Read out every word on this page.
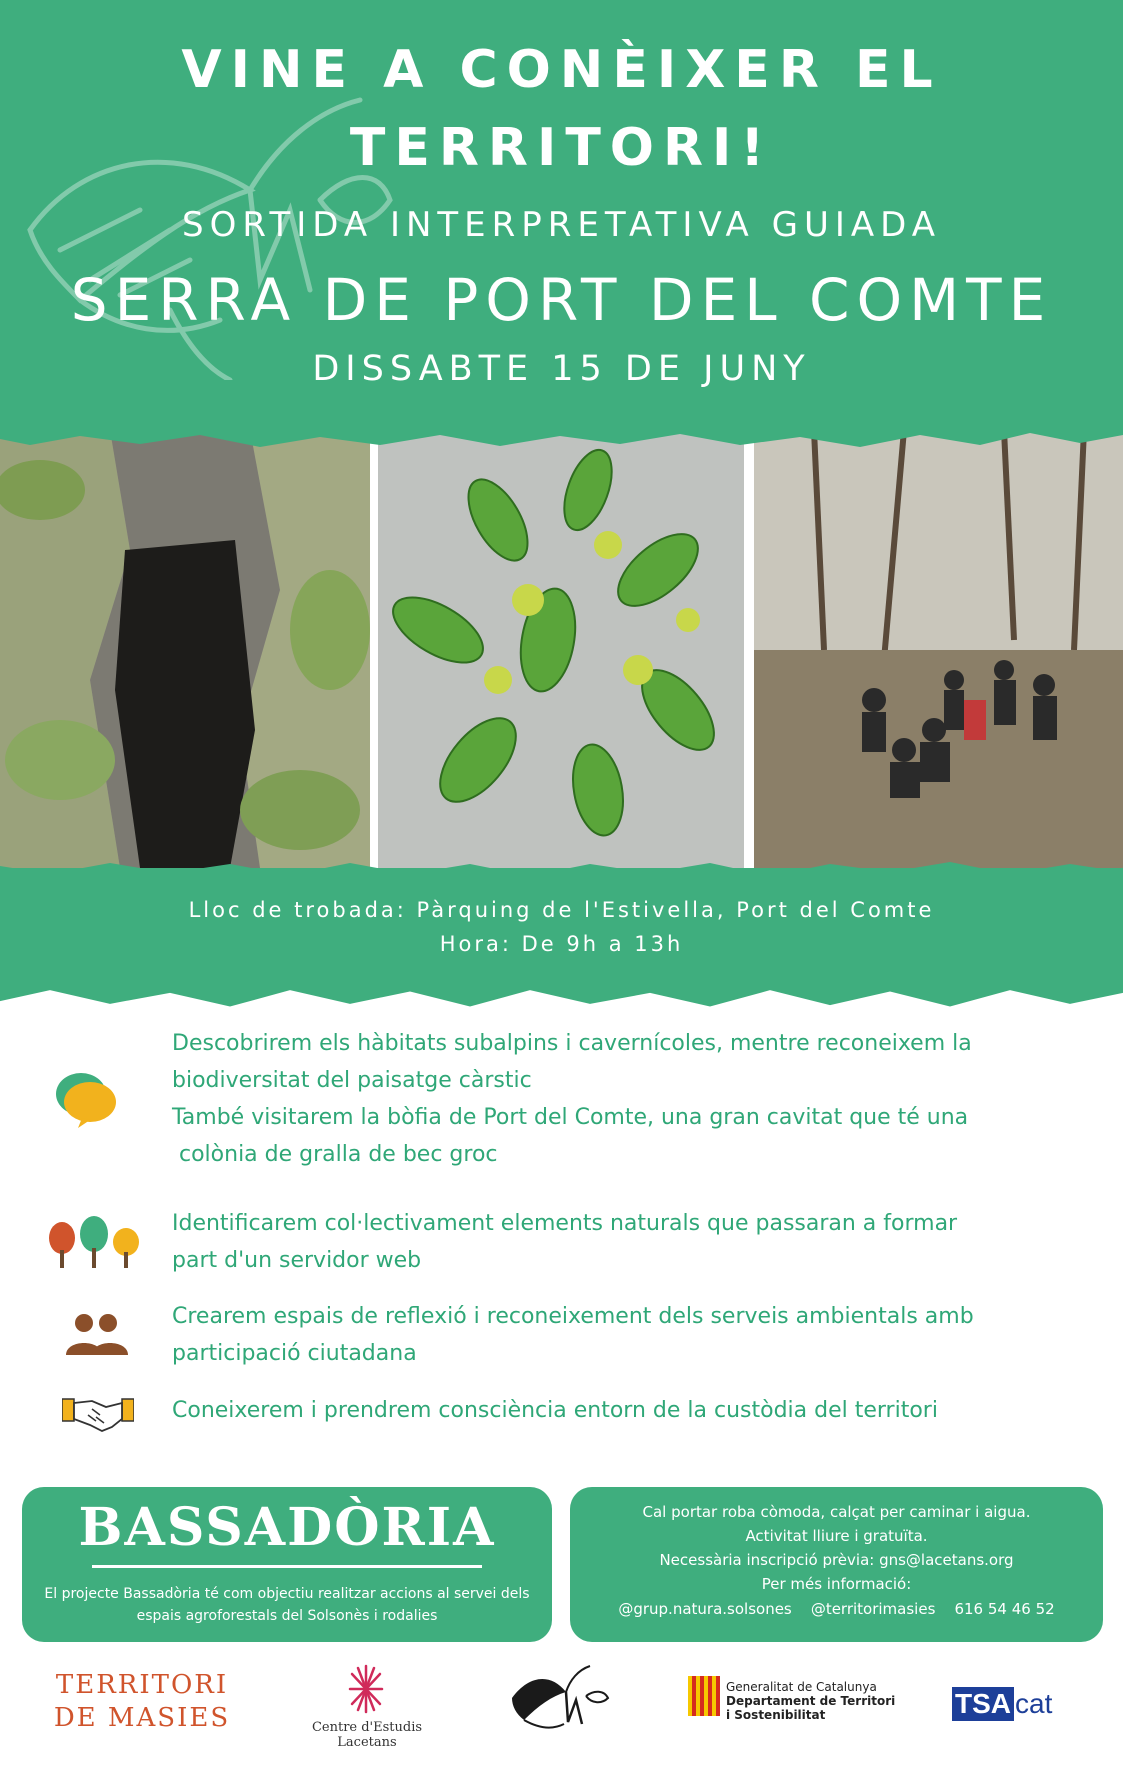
VINE A CONÈIXER EL
TERRITORI!
SORTIDA INTERPRETATIVA GUIADA
SERRA DE PORT DEL COMTE
DISSABTE 15 DE JUNY
Lloc de trobada: Pàrquing de l'Estivella, Port del Comte
Hora: De 9h a 13h
Descobrirem els hàbitats subalpins i cavernícoles, mentre reconeixem la
biodiversitat del paisatge càrstic
També visitarem la bòfia de Port del Comte, una gran cavitat que té una
colònia de gralla de bec groc
Identificarem col·lectivament elements naturals que passaran a formar
part d'un servidor web
Crearem espais de reflexió i reconeixement dels serveis ambientals amb
participació ciutadana
Coneixerem i prendrem consciència entorn de la custòdia del territori
BASSADÒRIA
El projecte Bassadòria té com objectiu realitzar accions al servei dels
espais agroforestals del Solsonès i rodalies
Cal portar roba còmoda, calçat per caminar i aigua.
Activitat lliure i gratuïta.
Necessària inscripció prèvia: gns@lacetans.org
Per més informació:
@grup.natura.solsones    @territorimasies    616 54 46 52
TERRITORI
DE MASIES	Centre d'Estudis Lacetans
Generalitat de Catalunya
Departament de Territori
i Sostenibilitat	TSA cat
